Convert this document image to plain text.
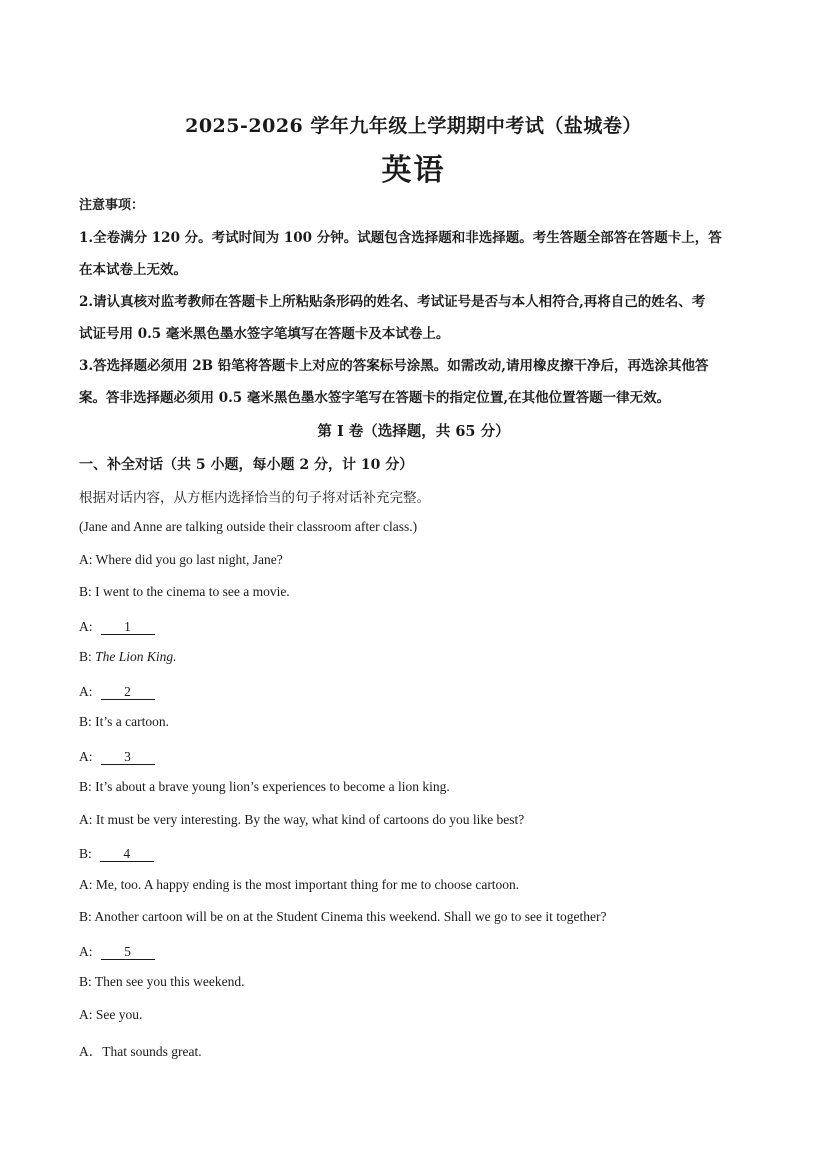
2025-2026 学年九年级上学期期中考试（盐城卷）
英语
注意事项：
1.全卷满分 120 分。考试时间为 100 分钟。试题包含选择题和非选择题。考生答题全部答在答题卡上，答
在本试卷上无效。
2.请认真核对监考教师在答题卡上所粘贴条形码的姓名、考试证号是否与本人相符合,再将自己的姓名、考
试证号用 0.5 毫米黑色墨水签字笔填写在答题卡及本试卷上。
3.答选择题必须用 2B 铅笔将答题卡上对应的答案标号涂黑。如需改动,请用橡皮擦干净后，再选涂其他答
案。答非选择题必须用 0.5 毫米黑色墨水签字笔写在答题卡的指定位置,在其他位置答题一律无效。
第 I 卷（选择题，共 65 分）
一、补全对话（共 5 小题，每小题 2 分，计 10 分）
根据对话内容，从方框内选择恰当的句子将对话补充完整。
(Jane and Anne are talking outside their classroom after class.)
A: Where did you go last night, Jane?
B: I went to the cinema to see a movie.
A: 1
B: The Lion King.
A: 2
B: It’s a cartoon.
A: 3
B: It’s about a brave young lion’s experiences to become a lion king.
A: It must be very interesting. By the way, what kind of cartoons do you like best?
B: 4
A: Me, too. A happy ending is the most important thing for me to choose cartoon.
B: Another cartoon will be on at the Student Cinema this weekend. Shall we go to see it together?
A: 5
B: Then see you this weekend.
A: See you.
A．That sounds great.
